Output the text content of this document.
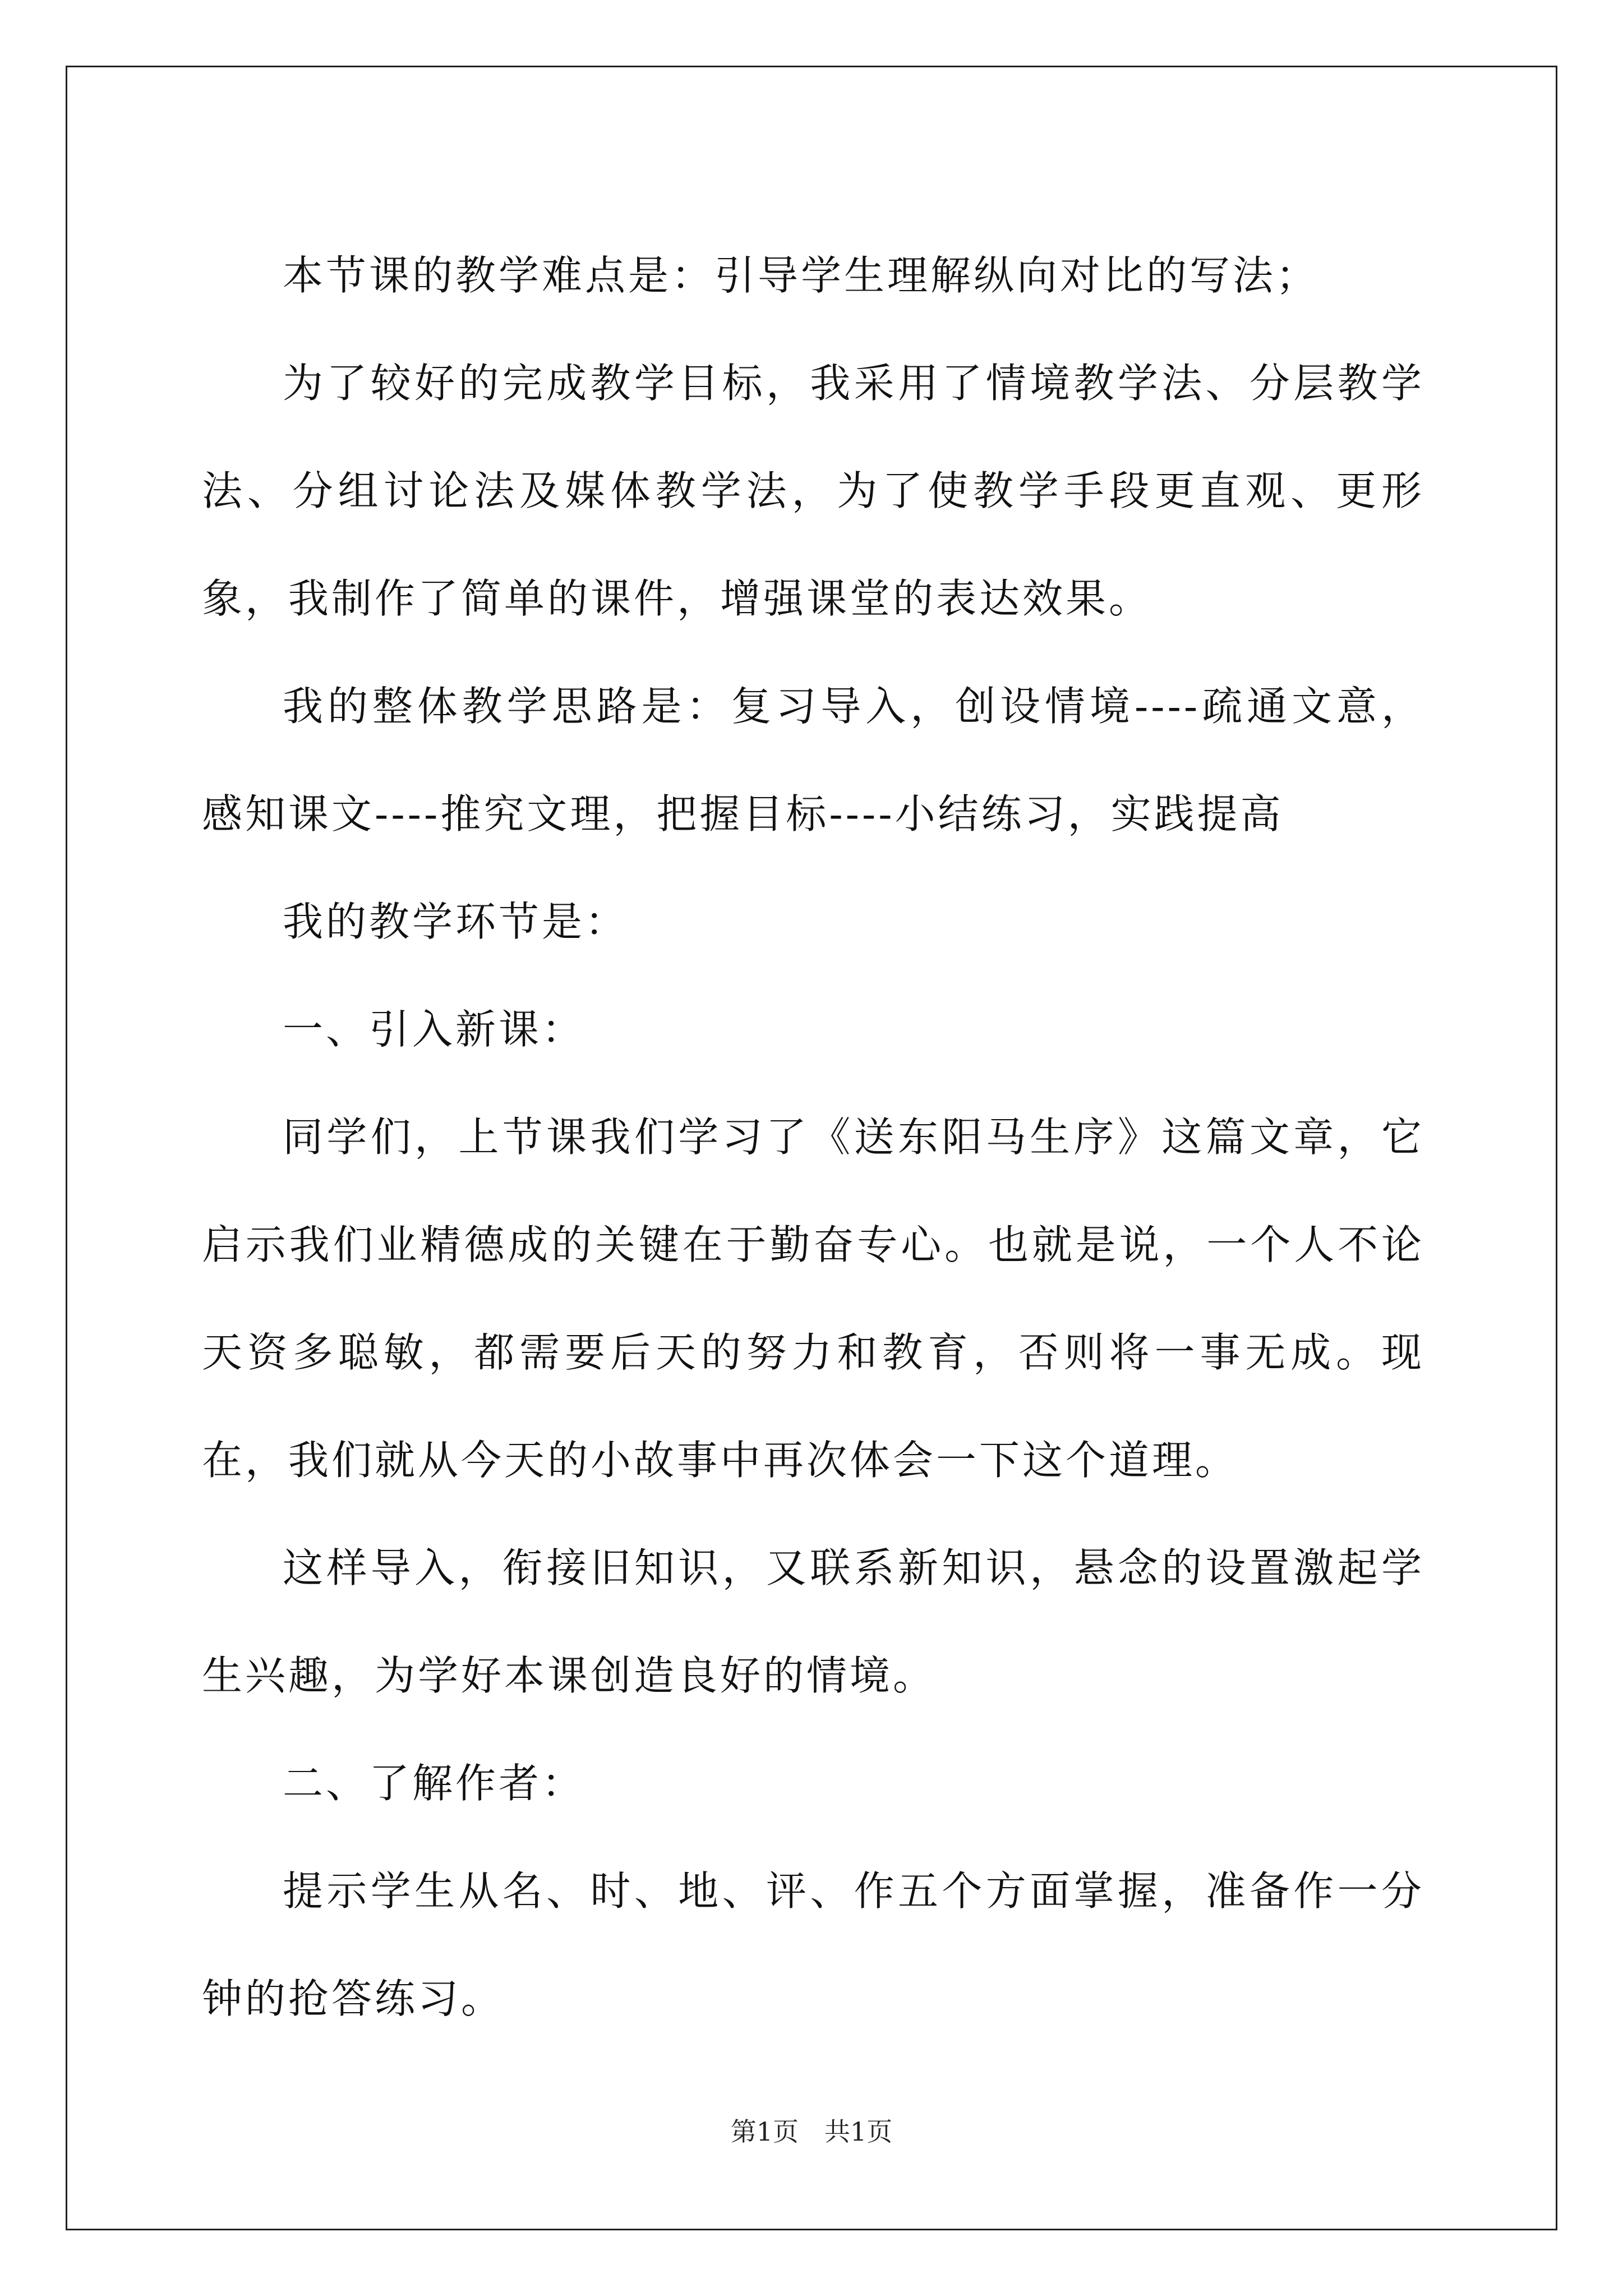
本节课的教学难点是：引导学生理解纵向对比的写法；

为了较好的完成教学目标，我采用了情境教学法、分层教学法、分组讨论法及媒体教学法，为了使教学手段更直观、更形象，我制作了简单的课件，增强课堂的表达效果。

我的整体教学思路是：复习导入，创设情境----疏通文意，感知课文----推究文理，把握目标----小结练习，实践提高

我的教学环节是：

一、引入新课：

同学们，上节课我们学习了《送东阳马生序》这篇文章，它启示我们业精德成的关键在于勤奋专心。也就是说，一个人不论天资多聪敏，都需要后天的努力和教育，否则将一事无成。现在，我们就从今天的小故事中再次体会一下这个道理。

这样导入，衔接旧知识，又联系新知识，悬念的设置激起学生兴趣，为学好本课创造良好的情境。

二、了解作者：

提示学生从名、时、地、评、作五个方面掌握，准备作一分钟的抢答练习。

第1页　共1页
